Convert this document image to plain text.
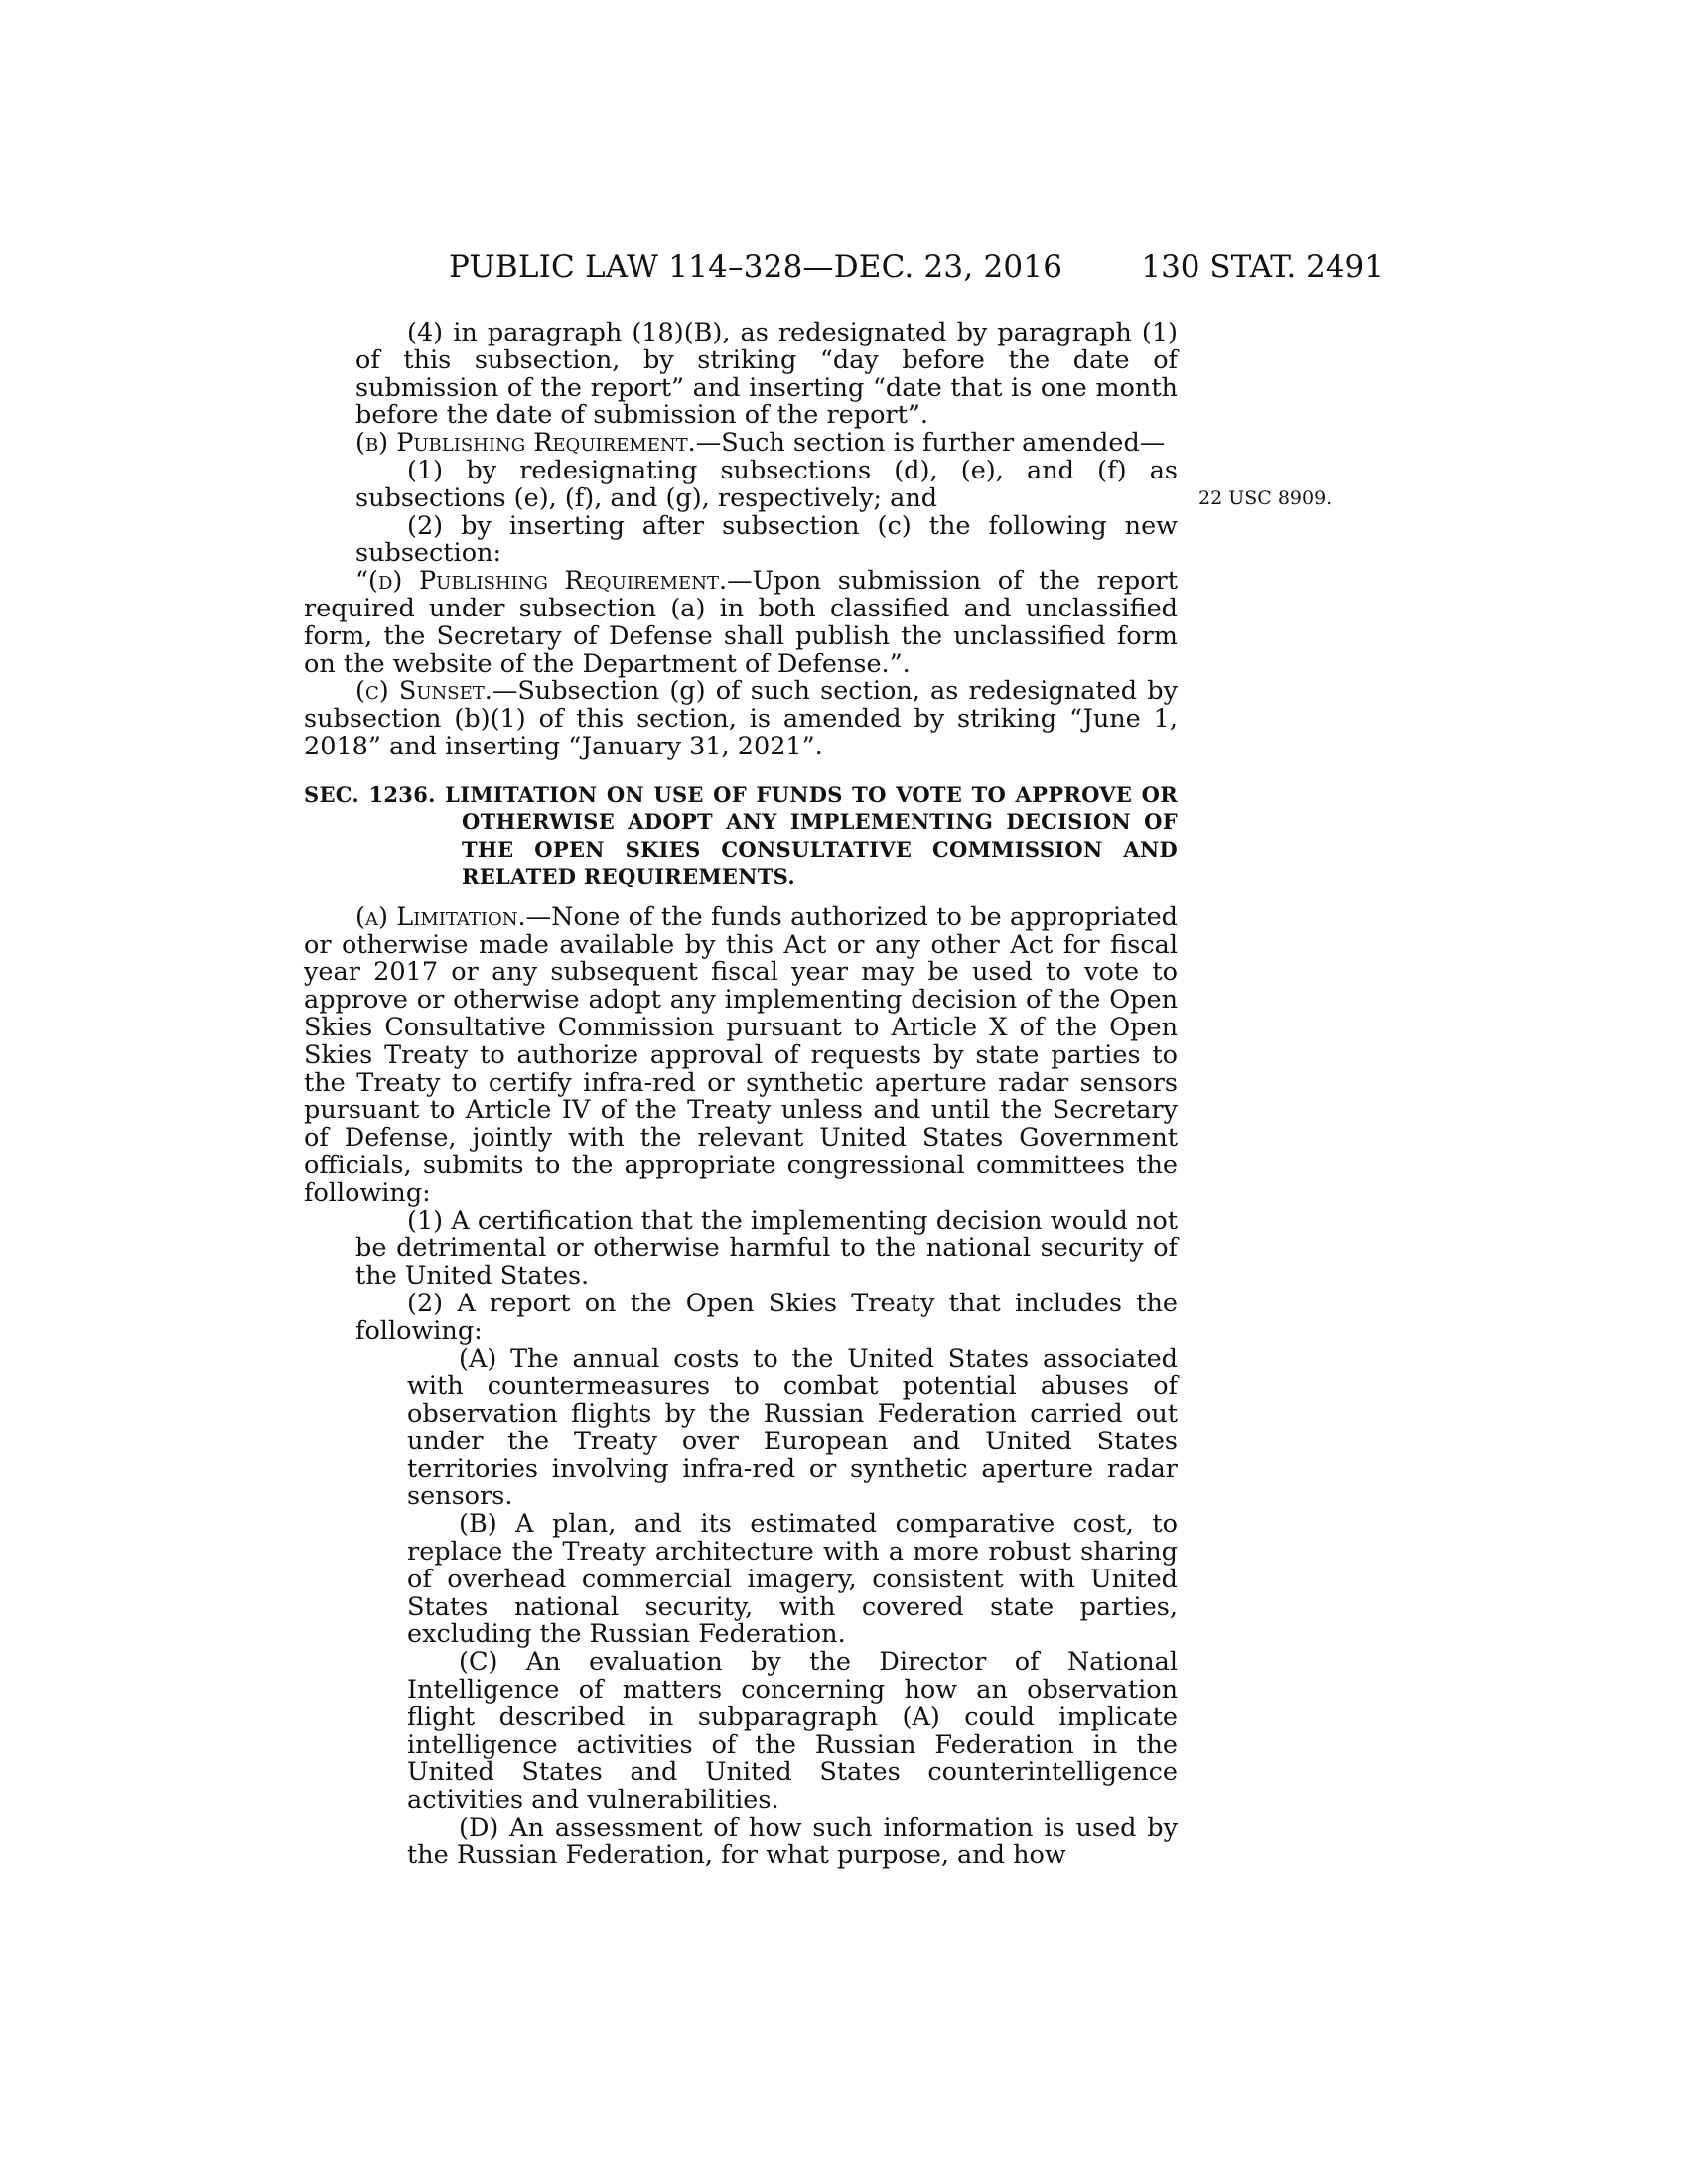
PUBLIC LAW 114–328—DEC. 23, 2016	130 STAT. 2491
22 USC 8909.

(4) in paragraph (18)(B), as redesignated by paragraph (1) of this subsection, by striking “day before the date of submission of the report” and inserting “date that is one month before the date of submission of the report”.

(b) Publishing Requirement.—Such section is further amended—

(1) by redesignating subsections (d), (e), and (f) as subsections (e), (f), and (g), respectively; and

(2) by inserting after subsection (c) the following new subsection:

“(d) Publishing Requirement.—Upon submission of the report required under subsection (a) in both classified and unclassified form, the Secretary of Defense shall publish the unclassified form on the website of the Department of Defense.”.

(c) Sunset.—Subsection (g) of such section, as redesignated by subsection (b)(1) of this section, is amended by striking “June 1, 2018” and inserting “January 31, 2021”.

SEC. 1236. LIMITATION ON USE OF FUNDS TO VOTE TO APPROVE OR OTHERWISE ADOPT ANY IMPLEMENTING DECISION OF THE OPEN SKIES CONSULTATIVE COMMISSION AND RELATED REQUIREMENTS.

(a) Limitation.—None of the funds authorized to be appropriated or otherwise made available by this Act or any other Act for fiscal year 2017 or any subsequent fiscal year may be used to vote to approve or otherwise adopt any implementing decision of the Open Skies Consultative Commission pursuant to Article X of the Open Skies Treaty to authorize approval of requests by state parties to the Treaty to certify infra-red or synthetic aperture radar sensors pursuant to Article IV of the Treaty unless and until the Secretary of Defense, jointly with the relevant United States Government officials, submits to the appropriate congressional committees the following:

(1) A certification that the implementing decision would not be detrimental or otherwise harmful to the national security of the United States.

(2) A report on the Open Skies Treaty that includes the following:

(A) The annual costs to the United States associated with countermeasures to combat potential abuses of observation flights by the Russian Federation carried out under the Treaty over European and United States territories involving infra-red or synthetic aperture radar sensors.

(B) A plan, and its estimated comparative cost, to replace the Treaty architecture with a more robust sharing of overhead commercial imagery, consistent with United States national security, with covered state parties, excluding the Russian Federation.

(C) An evaluation by the Director of National Intelligence of matters concerning how an observation flight described in subparagraph (A) could implicate intelligence activities of the Russian Federation in the United States and United States counterintelligence activities and vulnerabilities.

(D) An assessment of how such information is used by the Russian Federation, for what purpose, and how
